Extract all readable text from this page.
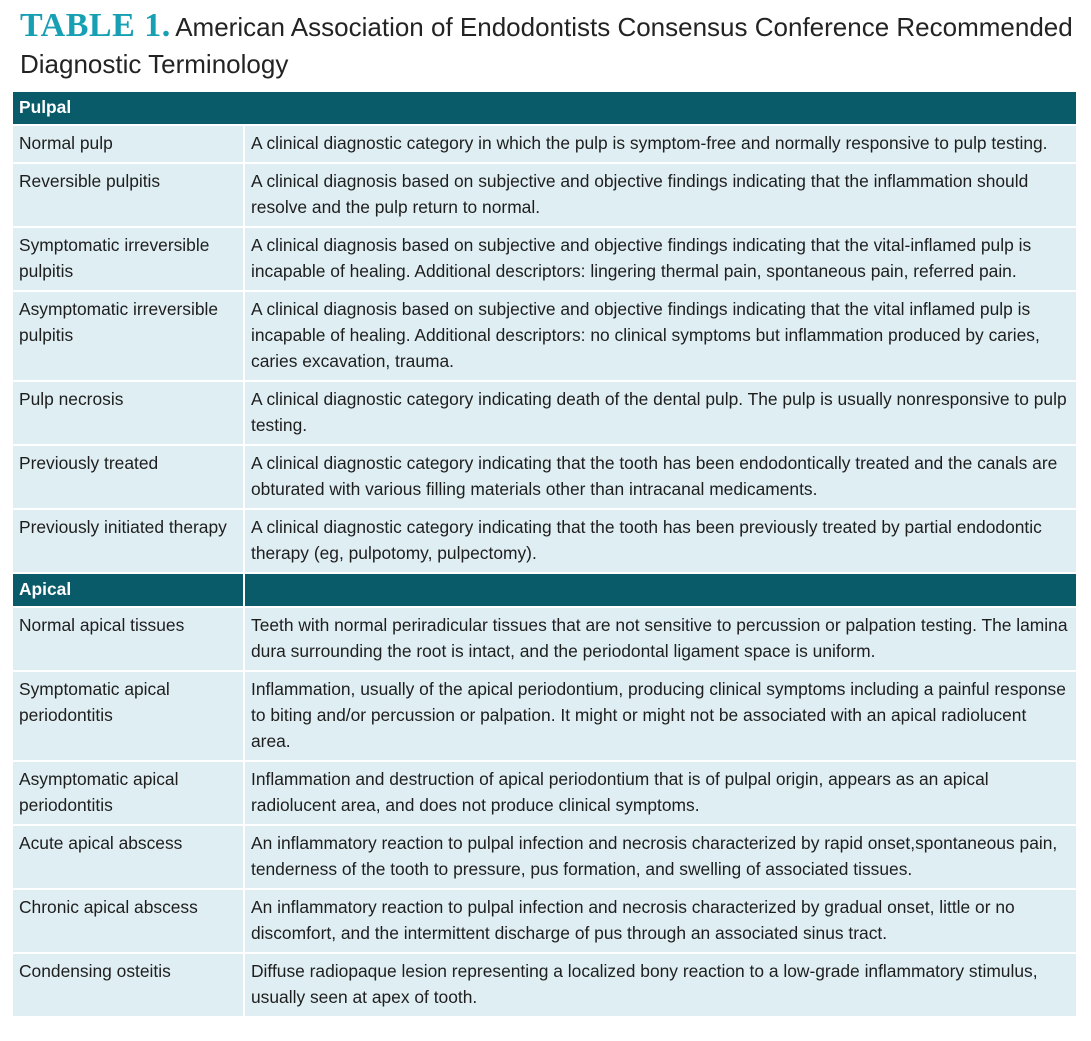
TABLE 1. American Association of Endodontists Consensus Conference Recommended Diagnostic Terminology
Pulpal	
Normal pulp	A clinical diagnostic category in which the pulp is symptom-free and normally responsive to pulp testing.
Reversible pulpitis	A clinical diagnosis based on subjective and objective findings indicating that the inflammation should resolve and the pulp return to normal.
Symptomatic irreversible pulpitis	A clinical diagnosis based on subjective and objective findings indicating that the vital-inflamed pulp is incapable of healing. Additional descriptors: lingering thermal pain, spontaneous pain, referred pain.
Asymptomatic irreversible pulpitis	A clinical diagnosis based on subjective and objective findings indicating that the vital inflamed pulp is incapable of healing. Additional descriptors: no clinical symptoms but inflammation produced by caries, caries excavation, trauma.
Pulp necrosis	A clinical diagnostic category indicating death of the dental pulp. The pulp is usually nonresponsive to pulp testing.
Previously treated	A clinical diagnostic category indicating that the tooth has been endodontically treated and the canals are obturated with various filling materials other than intracanal medicaments.
Previously initiated therapy	A clinical diagnostic category indicating that the tooth has been previously treated by partial endodontic therapy (eg, pulpotomy, pulpectomy).
Apical	
Normal apical tissues	Teeth with normal periradicular tissues that are not sensitive to percussion or palpation testing. The lamina dura surrounding the root is intact, and the periodontal ligament space is uniform.
Symptomatic apical periodontitis	Inflammation, usually of the apical periodontium, producing clinical symptoms including a painful response to biting and/or percussion or palpation. It might or might not be associated with an apical radiolucent area.
Asymptomatic apical periodontitis	Inflammation and destruction of apical periodontium that is of pulpal origin, appears as an apical radiolucent area, and does not produce clinical symptoms.
Acute apical abscess	An inflammatory reaction to pulpal infection and necrosis characterized by rapid onset,spontaneous pain, tenderness of the tooth to pressure, pus formation, and swelling of associated tissues.
Chronic apical abscess	An inflammatory reaction to pulpal infection and necrosis characterized by gradual onset, little or no discomfort, and the intermittent discharge of pus through an associated sinus tract.
Condensing osteitis	Diffuse radiopaque lesion representing a localized bony reaction to a low-grade inflammatory stimulus, usually seen at apex of tooth.
